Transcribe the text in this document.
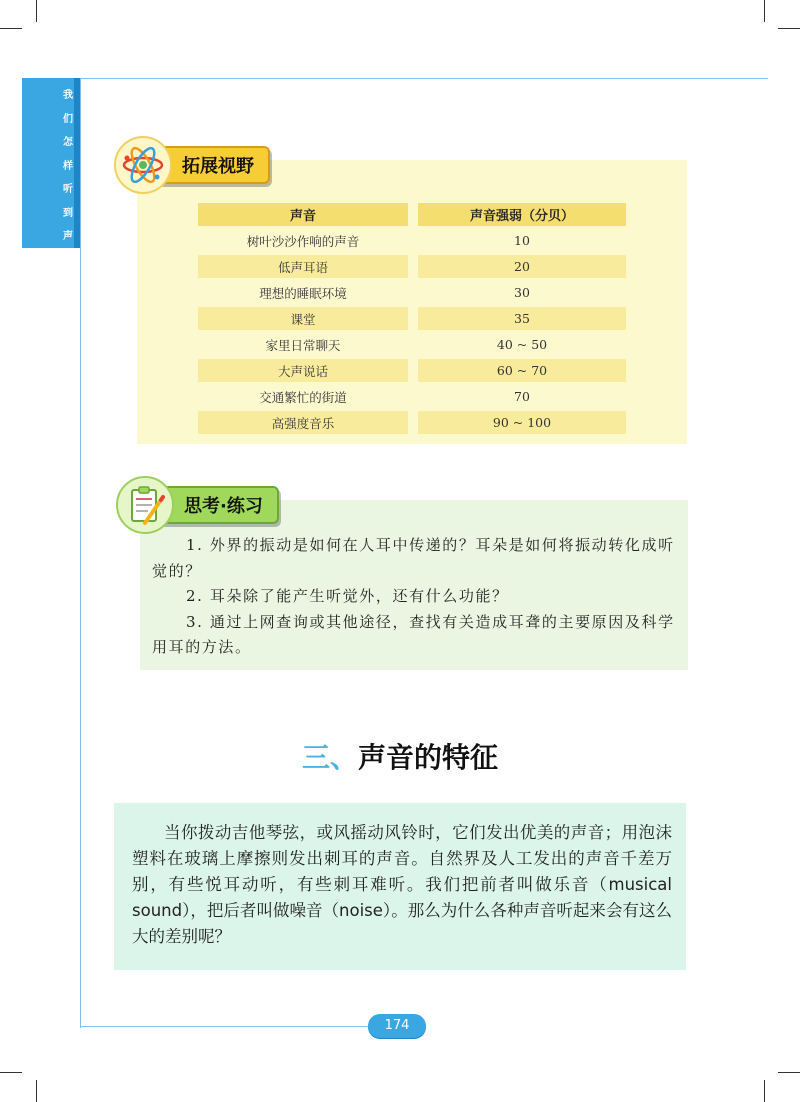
我
们
怎
样
听
到
声
音
拓展视野
声音	声音强弱（分贝）
树叶沙沙作响的声音	10
低声耳语	20
理想的睡眠环境	30
课堂	35
家里日常聊天	40 ~ 50
大声说话	60 ~ 70
交通繁忙的街道	70
高强度音乐	90 ~ 100
思考·练习

1. 外界的振动是如何在人耳中传递的？耳朵是如何将振动转化成听觉的？

2. 耳朵除了能产生听觉外，还有什么功能？

3. 通过上网查询或其他途径，查找有关造成耳聋的主要原因及科学用耳的方法。

三、声音的特征

当你拨动吉他琴弦，或风摇动风铃时，它们发出优美的声音；用泡沫塑料在玻璃上摩擦则发出刺耳的声音。自然界及人工发出的声音千差万别，有些悦耳动听，有些刺耳难听。我们把前者叫做乐音（musical sound），把后者叫做噪音（noise）。那么为什么各种声音听起来会有这么大的差别呢？

174
